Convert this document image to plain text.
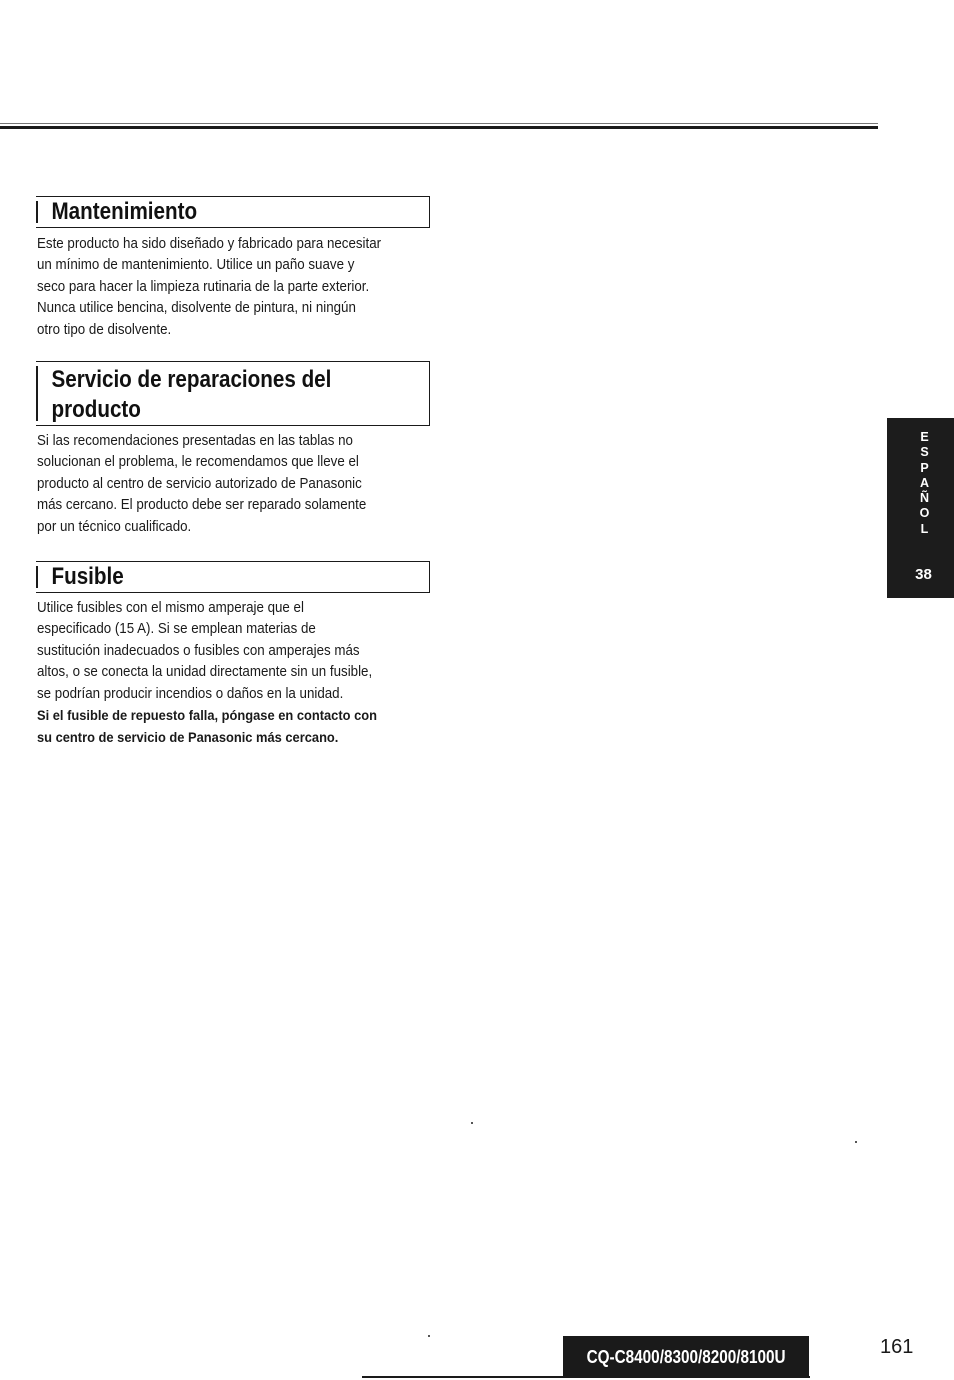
Mantenimiento
Este producto ha sido diseñado y fabricado para necesitar
un mínimo de mantenimiento. Utilice un paño suave y
seco para hacer la limpieza rutinaria de la parte exterior.
Nunca utilice bencina, disolvente de pintura, ni ningún
otro tipo de disolvente.
Servicio de reparaciones del
producto
Si las recomendaciones presentadas en las tablas no
solucionan el problema, le recomendamos que lleve el
producto al centro de servicio autorizado de Panasonic
más cercano. El producto debe ser reparado solamente
por un técnico cualificado.
Fusible
Utilice fusibles con el mismo amperaje que el
especificado (15 A). Si se emplean materias de
sustitución inadecuados o fusibles con amperajes más
altos, o se conecta la unidad directamente sin un fusible,
se podrían producir incendios o daños en la unidad.
Si el fusible de repuesto falla, póngase en contacto con
su centro de servicio de Panasonic más cercano.
E
S
P
A
Ñ
O
L
38
CQ-C8400/8300/8200/8100U	161
